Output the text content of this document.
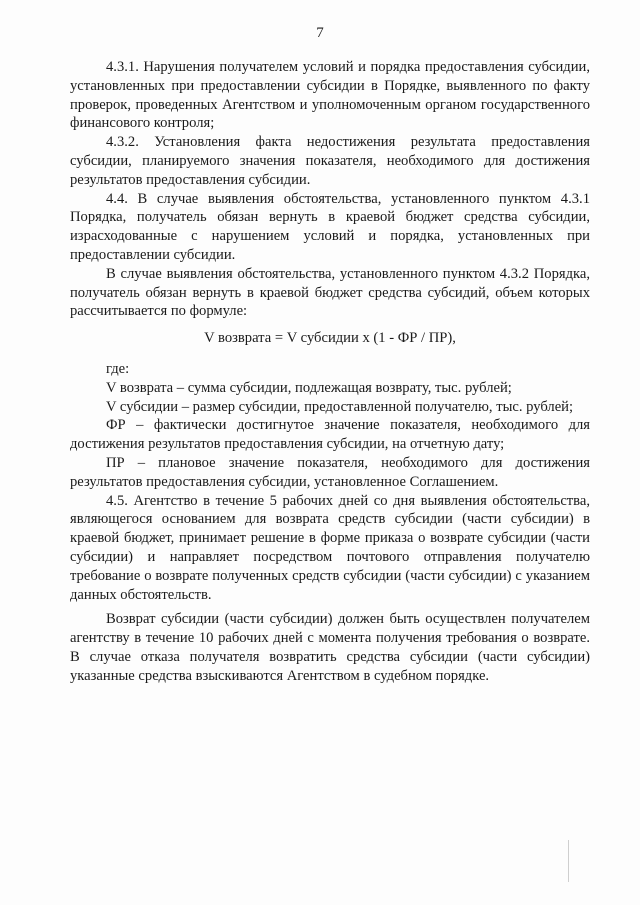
7

4.3.1. Нарушения получателем условий и порядка предоставления субсидии, установленных при предоставлении субсидии в Порядке, выявленного по факту проверок, проведенных Агентством и уполномоченным органом государственного финансового контроля;

4.3.2. Установления факта недостижения результата предоставления субсидии, планируемого значения показателя, необходимого для достижения результатов предоставления субсидии.

4.4. В случае выявления обстоятельства, установленного пунктом 4.3.1 Порядка, получатель обязан вернуть в краевой бюджет средства субсидии, израсходованные с нарушением условий и порядка, установленных при предоставлении субсидии.

В случае выявления обстоятельства, установленного пунктом 4.3.2 Порядка, получатель обязан вернуть в краевой бюджет средства субсидий, объем которых рассчитывается по формуле:

V возврата = V субсидии x (1 - ФР / ПР),

где:

V возврата – сумма субсидии, подлежащая возврату, тыс. рублей;

V субсидии – размер субсидии, предоставленной получателю, тыс. рублей;

ФР – фактически достигнутое значение показателя, необходимого для достижения результатов предоставления субсидии, на отчетную дату;

ПР – плановое значение показателя, необходимого для достижения результатов предоставления субсидии, установленное Соглашением.

4.5. Агентство в течение 5 рабочих дней со дня выявления обстоятельства, являющегося основанием для возврата средств субсидии (части субсидии) в краевой бюджет, принимает решение в форме приказа о возврате субсидии (части субсидии) и направляет посредством почтового отправления получателю требование о возврате полученных средств субсидии (части субсидии) с указанием данных обстоятельств.

Возврат субсидии (части субсидии) должен быть осуществлен получателем агентству в течение 10 рабочих дней с момента получения требования о возврате. В случае отказа получателя возвратить средства субсидии (части субсидии) указанные средства взыскиваются Агентством в судебном порядке.
